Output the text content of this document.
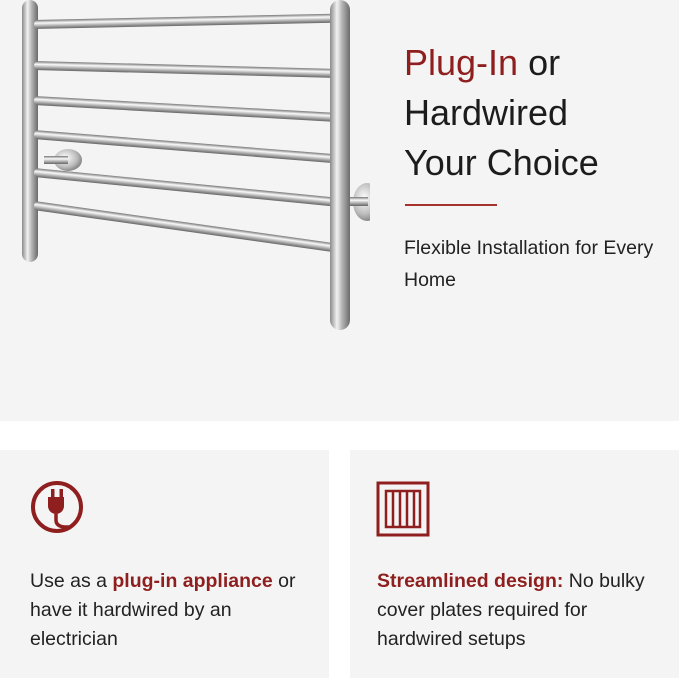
Plug-In or
Hardwired
Your Choice
Flexible Installation for Every Home
Use as a plug-in appliance or have it hardwired by an electrician
Streamlined design: No bulky cover plates required for hardwired setups
